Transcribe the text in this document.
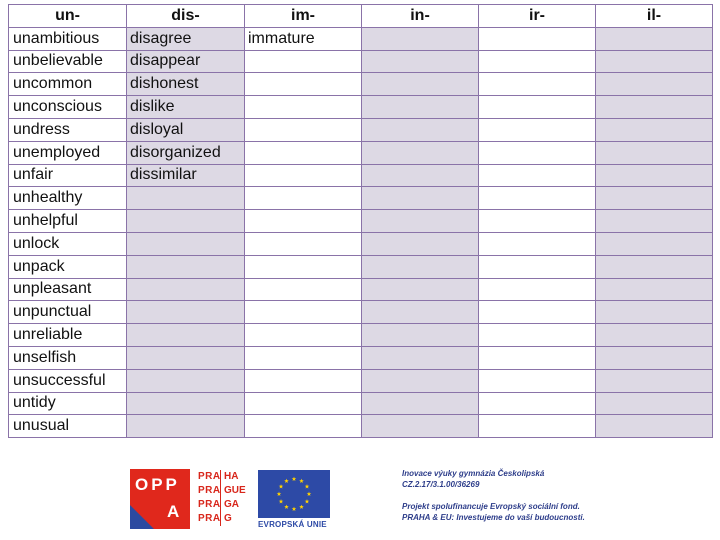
un-	dis-	im-	in-	ir-	il-
unambitious	disagree	immature			
unbelievable	disappear				
uncommon	dishonest				
unconscious	dislike				
undress	disloyal				
unemployed	disorganized				
unfair	dissimilar				
unhealthy					
unhelpful					
unlock					
unpack					
unpleasant					
unpunctual					
unreliable					
unselfish					
unsuccessful					
untidy					
unusual					
OPP
A
PRA HA
PRA GUE
PRA GA
PRA G
EVROPSKÁ UNIE
Inovace výuky gymnázia Českolipská
CZ.2.17/3.1.00/36269
Projekt spolufinancuje Evropský sociální fond.
PRAHA & EU: Investujeme do vaší budoucnosti.
